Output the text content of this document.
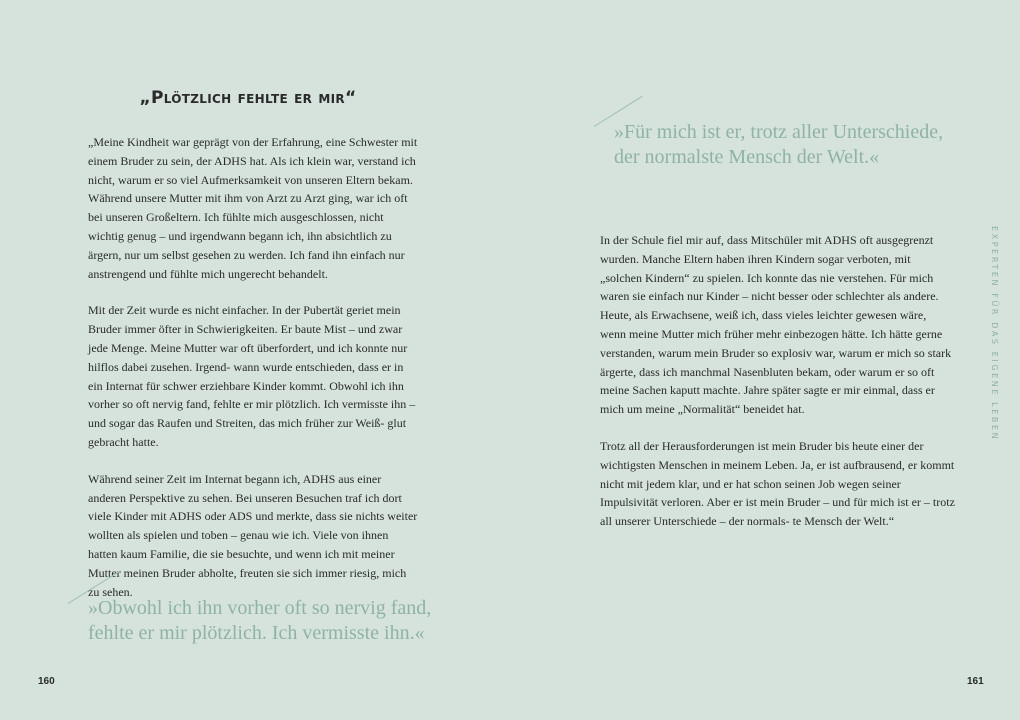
„Plötzlich fehlte er mir“

„Meine Kindheit war geprägt von der Erfahrung, eine Schwester mit einem Bruder zu sein, der ADHS hat. Als ich klein war, verstand ich nicht, warum er so viel Aufmerksamkeit von unseren Eltern bekam. Während unsere Mutter mit ihm von Arzt zu Arzt ging, war ich oft bei unseren Großeltern. Ich fühlte mich ausgeschlossen, nicht wichtig genug – und irgendwann begann ich, ihn absichtlich zu ärgern, nur um selbst gesehen zu werden. Ich fand ihn einfach nur anstrengend und fühlte mich ungerecht behandelt.

Mit der Zeit wurde es nicht einfacher. In der Pubertät geriet mein Bruder immer öfter in Schwierigkeiten. Er baute Mist – und zwar jede Menge. Meine Mutter war oft überfordert, und ich konnte nur hilflos dabei zusehen. Irgend- wann wurde entschieden, dass er in ein Internat für schwer erziehbare Kinder kommt. Obwohl ich ihn vorher so oft nervig fand, fehlte er mir plötzlich. Ich vermisste ihn – und sogar das Raufen und Streiten, das mich früher zur Weiß- glut gebracht hatte.

Während seiner Zeit im Internat begann ich, ADHS aus einer anderen Perspektive zu sehen. Bei unseren Besuchen traf ich dort viele Kinder mit ADHS oder ADS und merkte, dass sie nichts weiter wollten als spielen und toben – genau wie ich. Viele von ihnen hatten kaum Familie, die sie besuchte, und wenn ich mit meiner Mutter meinen Bruder abholte, freuten sie sich immer riesig, mich zu sehen.

»Obwohl ich ihn vorher oft so nervig fand, fehlte er mir plötzlich. Ich vermisste ihn.«

160

»Für mich ist er, trotz aller Unterschiede, der normalste Mensch der Welt.«

In der Schule fiel mir auf, dass Mitschüler mit ADHS oft ausgegrenzt wurden. Manche Eltern haben ihren Kindern sogar verboten, mit „solchen Kindern“ zu spielen. Ich konnte das nie verstehen. Für mich waren sie einfach nur Kinder – nicht besser oder schlechter als andere. Heute, als Erwachsene, weiß ich, dass vieles leichter gewesen wäre, wenn meine Mutter mich früher mehr einbezogen hätte. Ich hätte gerne verstanden, warum mein Bruder so explosiv war, warum er mich so stark ärgerte, dass ich manchmal Nasenbluten bekam, oder warum er so oft meine Sachen kaputt machte. Jahre später sagte er mir einmal, dass er mich um meine „Normalität“ beneidet hat.

Trotz all der Herausforderungen ist mein Bruder bis heute einer der wichtigsten Menschen in meinem Leben. Ja, er ist aufbrausend, er kommt nicht mit jedem klar, und er hat schon seinen Job wegen seiner Impulsivität verloren. Aber er ist mein Bruder – und für mich ist er – trotz all unserer Unterschiede – der normals- te Mensch der Welt.“

EXPERTEN FÜR DAS EIGENE LEBEN
161
